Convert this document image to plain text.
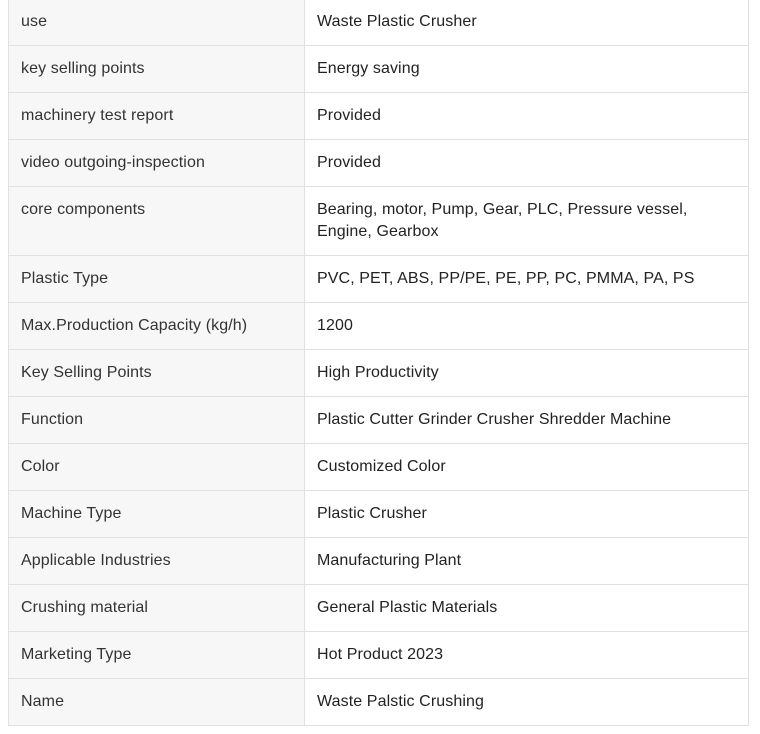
use	Waste Plastic Crusher
key selling points	Energy saving
machinery test report	Provided
video outgoing-inspection	Provided
core components	Bearing, motor, Pump, Gear, PLC, Pressure vessel, Engine, Gearbox
Plastic Type	PVC, PET, ABS, PP/PE, PE, PP, PC, PMMA, PA, PS
Max.Production Capacity (kg/h)	1200
Key Selling Points	High Productivity
Function	Plastic Cutter Grinder Crusher Shredder Machine
Color	Customized Color
Machine Type	Plastic Crusher
Applicable Industries	Manufacturing Plant
Crushing material	General Plastic Materials
Marketing Type	Hot Product 2023
Name	Waste Palstic Crushing
